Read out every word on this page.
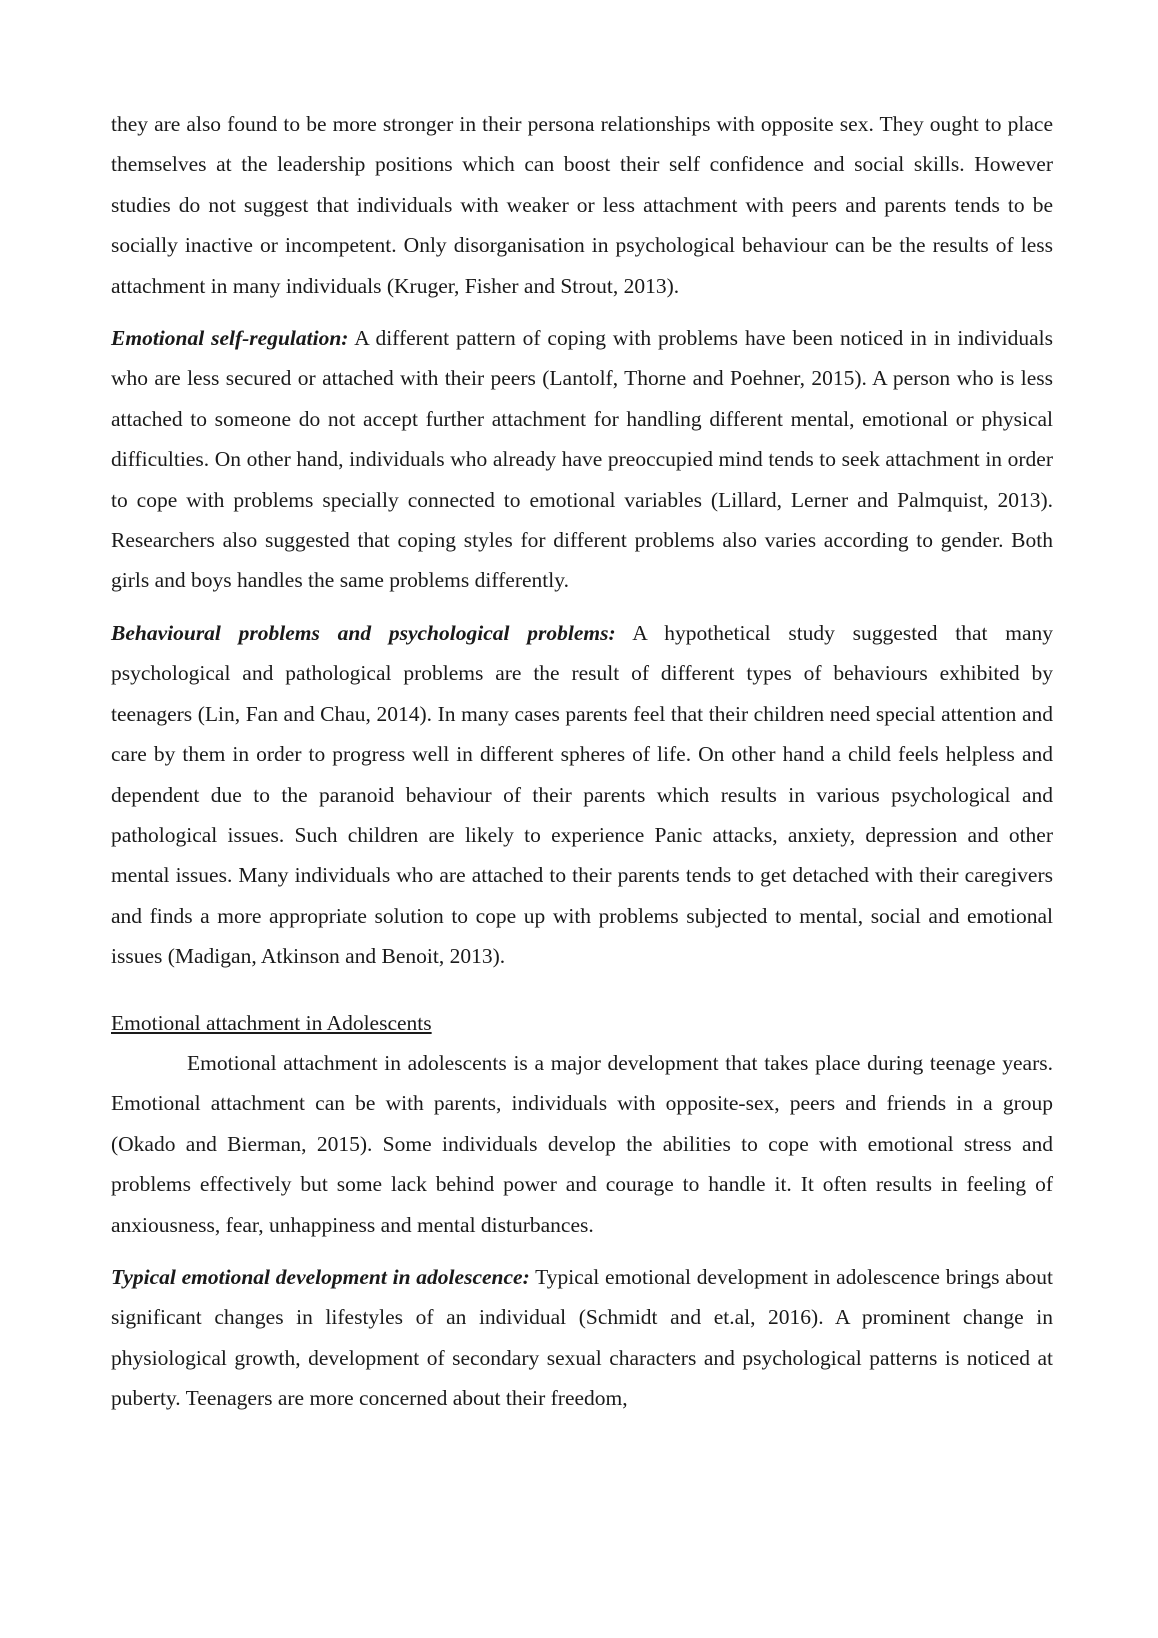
they are also found to be more stronger in their persona relationships with opposite sex. They ought to place themselves at the leadership positions which can boost their self confidence and social skills. However studies do not suggest that individuals with weaker or less attachment with peers and parents tends to be socially inactive or incompetent. Only disorganisation in psychological behaviour can be the results of less attachment in many individuals (Kruger, Fisher and Strout, 2013).

Emotional self-regulation: A different pattern of coping with problems have been noticed in in individuals who are less secured or attached with their peers (Lantolf, Thorne and Poehner, 2015). A person who is less attached to someone do not accept further attachment for handling different mental, emotional or physical difficulties. On other hand, individuals who already have preoccupied mind tends to seek attachment in order to cope with problems specially connected to emotional variables (Lillard, Lerner and Palmquist, 2013). Researchers also suggested that coping styles for different problems also varies according to gender. Both girls and boys handles the same problems differently.

Behavioural problems and psychological problems: A hypothetical study suggested that many psychological and pathological problems are the result of different types of behaviours exhibited by teenagers (Lin, Fan and Chau, 2014). In many cases parents feel that their children need special attention and care by them in order to progress well in different spheres of life. On other hand a child feels helpless and dependent due to the paranoid behaviour of their parents which results in various psychological and pathological issues. Such children are likely to experience Panic attacks, anxiety, depression and other mental issues. Many individuals who are attached to their parents tends to get detached with their caregivers and finds a more appropriate solution to cope up with problems subjected to mental, social and emotional issues (Madigan, Atkinson and Benoit, 2013).

Emotional attachment in Adolescents

Emotional attachment in adolescents is a major development that takes place during teenage years. Emotional attachment can be with parents, individuals with opposite-sex, peers and friends in a group (Okado and Bierman, 2015). Some individuals develop the abilities to cope with emotional stress and problems effectively but some lack behind power and courage to handle it. It often results in feeling of anxiousness, fear, unhappiness and mental disturbances.

Typical emotional development in adolescence: Typical emotional development in adolescence brings about significant changes in lifestyles of an individual (Schmidt and et.al, 2016). A prominent change in physiological growth, development of secondary sexual characters and psychological patterns is noticed at puberty. Teenagers are more concerned about their freedom,
